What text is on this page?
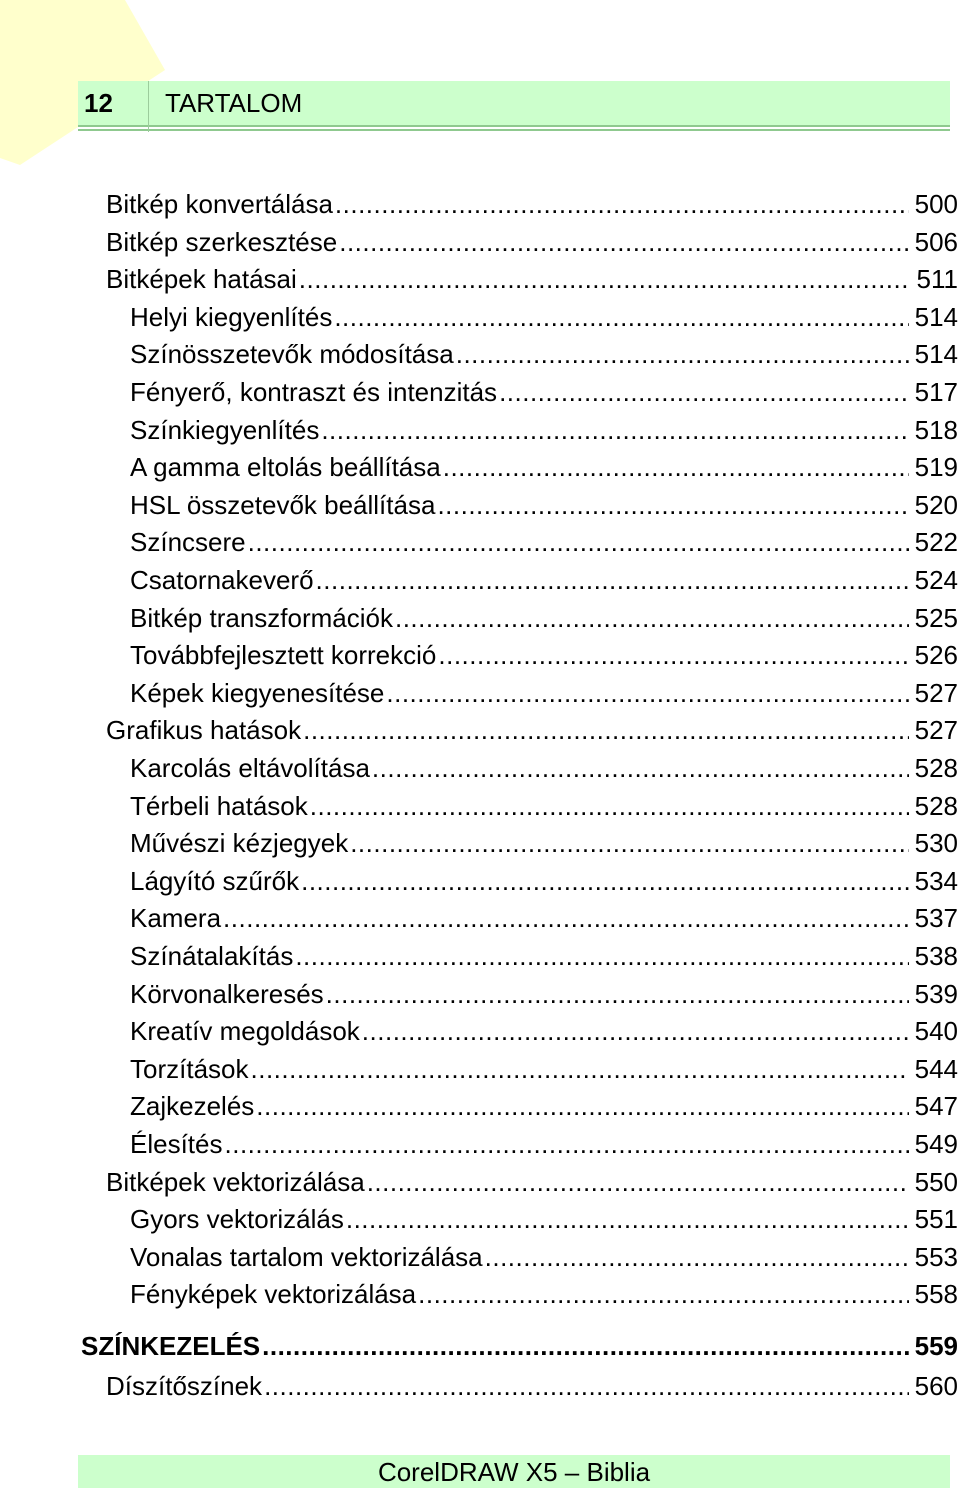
12 TARTALOM
Bitkép konvertálása .....	500
Bitkép szerkesztése .....	506
Bitképek hatásai .....	511
Helyi kiegyenlítés .....	514
Színösszetevők módosítása .....	514
Fényerő, kontraszt és intenzitás .....	517
Színkiegyenlítés .....	518
A gamma eltolás beállítása .....	519
HSL összetevők beállítása .....	520
Színcsere .....	522
Csatornakeverő .....	524
Bitkép transzformációk .....	525
Továbbfejlesztett korrekció .....	526
Képek kiegyenesítése .....	527
Grafikus hatások .....	527
Karcolás eltávolítása .....	528
Térbeli hatások .....	528
Művészi kézjegyek .....	530
Lágyító szűrők .....	534
Kamera .....	537
Színátalakítás .....	538
Körvonalkeresés .....	539
Kreatív megoldások .....	540
Torzítások .....	544
Zajkezelés .....	547
Élesítés .....	549
Bitképek vektorizálása .....	550
Gyors vektorizálás .....	551
Vonalas tartalom vektorizálása .....	553
Fényképek vektorizálása .....	558
SZÍNKEZELÉS .....	559
Díszítőszínek .....	560
CorelDRAW X5 – Biblia
